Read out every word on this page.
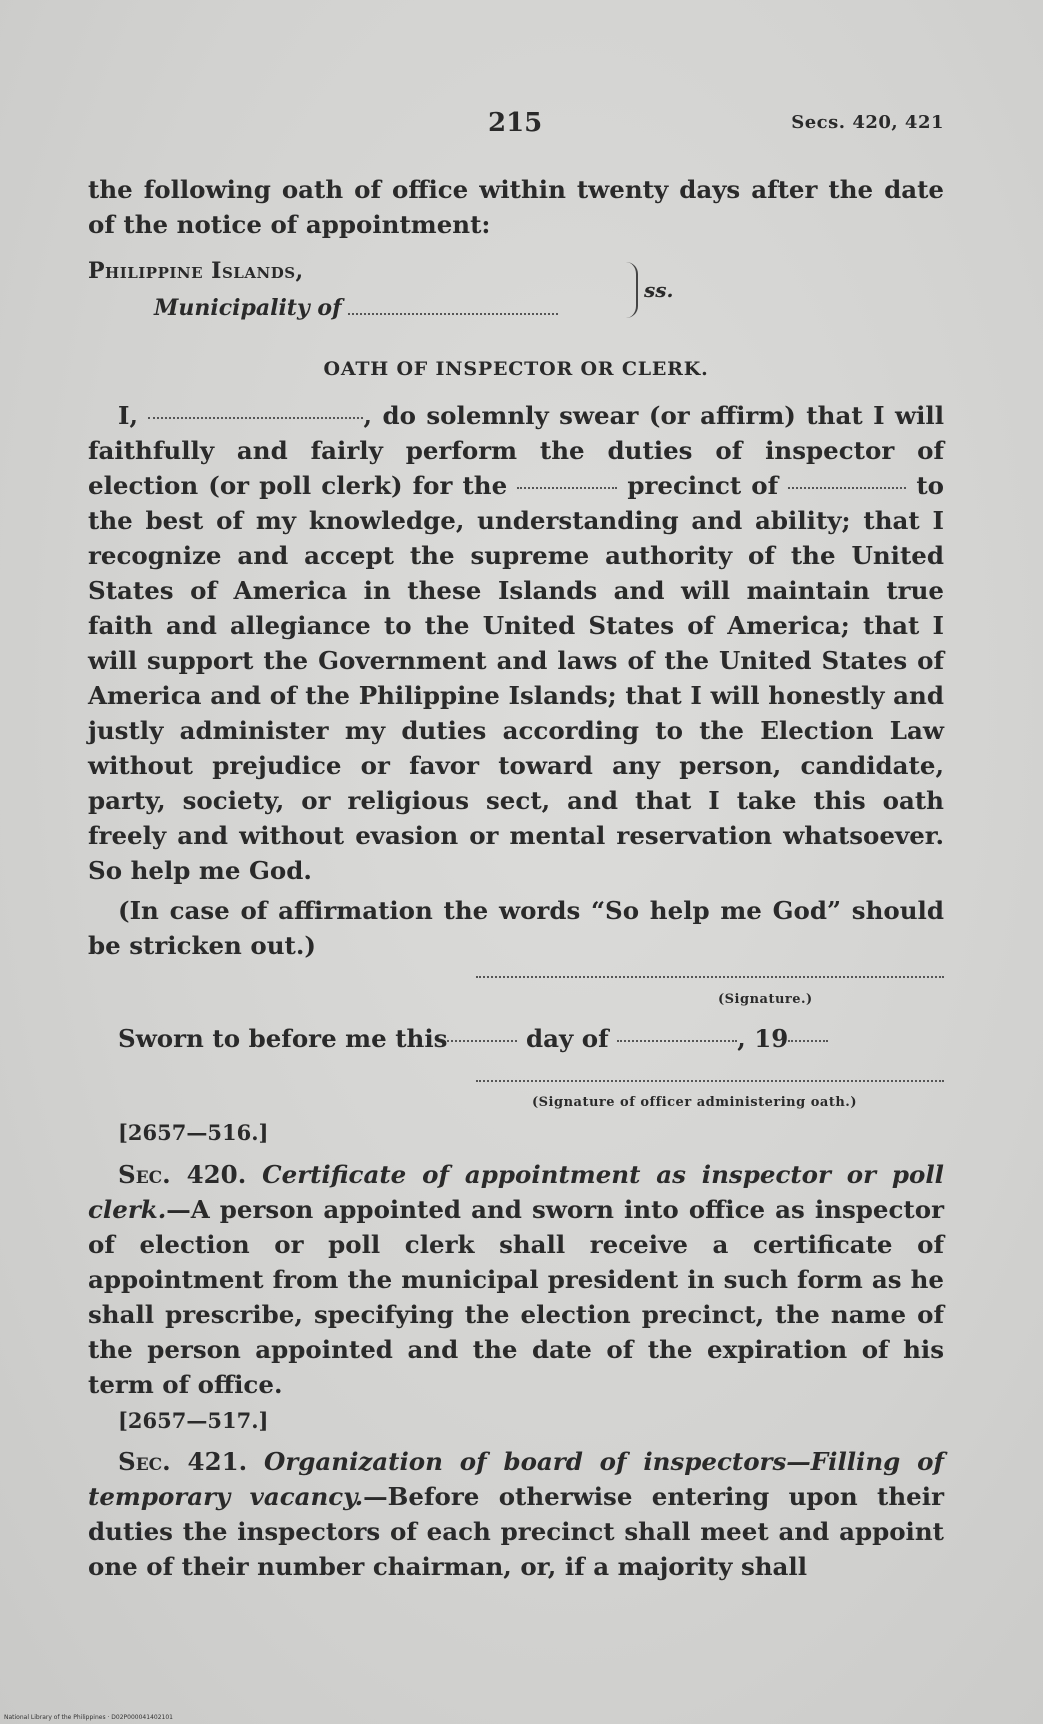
215	Secs. 420, 421
the following oath of office within twenty days after the date of the notice of appointment:
Philippine Islands,
Municipality of
ss.
OATH OF INSPECTOR OR CLERK.
I,	, do solemnly swear (or affirm) that I will faithfully and fairly perform the duties of inspector of election (or poll clerk) for the	precinct of	to the best of my knowledge, understanding and ability; that I recognize and accept the supreme authority of the United States of America in these Islands and will maintain true faith and allegiance to the United States of America; that I will support the Government and laws of the United States of America and of the Philippine Islands; that I will honestly and justly administer my duties according to the Election Law without prejudice or favor toward any person, candidate, party, society, or religious sect, and that I take this oath freely and without evasion or mental reservation whatsoever. So help me God.
(In case of affirmation the words “So help me God” should be stricken out.)
(Signature.)
Sworn to before me this	day of	, 19
(Signature of officer administering oath.)
[2657—516.]
Sec. 420. Certificate of appointment as inspector or poll clerk.—A person appointed and sworn into office as inspector of election or poll clerk shall receive a certificate of appointment from the municipal president in such form as he shall prescribe, specifying the election precinct, the name of the person appointed and the date of the expiration of his term of office.
[2657—517.]
Sec. 421. Organization of board of inspectors—Filling of temporary vacancy.—Before otherwise entering upon their duties the inspectors of each precinct shall meet and appoint one of their number chairman, or, if a majority shall
National Library of the Philippines · D02P000041402101
